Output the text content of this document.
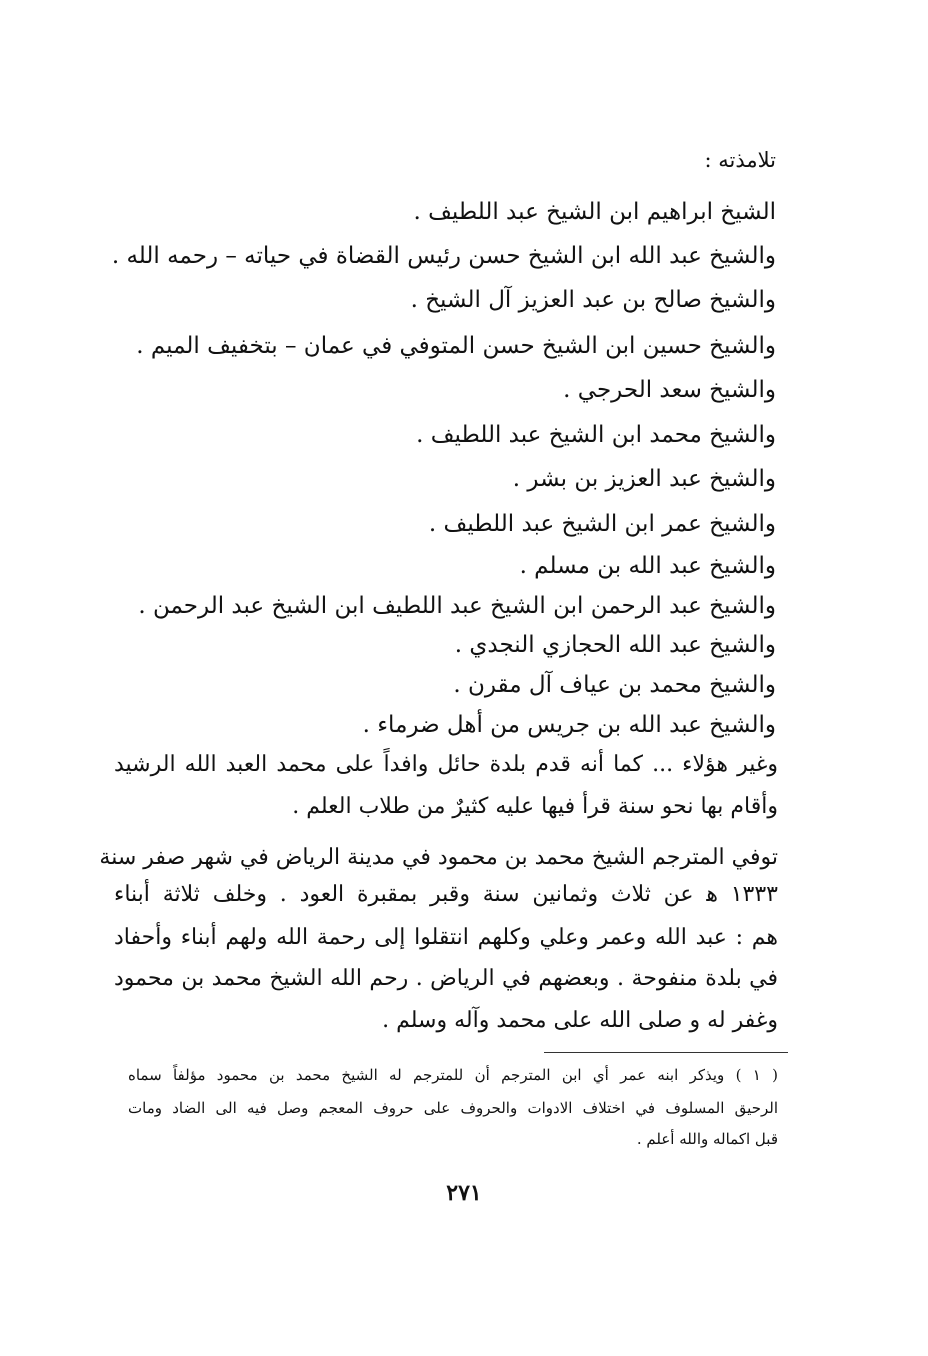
تلامذته :
الشيخ ابراهيم ابن الشيخ عبد اللطيف .
والشيخ عبد الله ابن الشيخ حسن رئيس القضاة في حياته – رحمه الله .
والشيخ صالح بن عبد العزيز آل الشيخ .
والشيخ حسين ابن الشيخ حسن المتوفي في عمان – بتخفيف الميم .
والشيخ سعد الحرجي .
والشيخ محمد ابن الشيخ عبد اللطيف .
والشيخ عبد العزيز بن بشر .
والشيخ عمر ابن الشيخ عبد اللطيف .
والشيخ عبد الله بن مسلم .
والشيخ عبد الرحمن ابن الشيخ عبد اللطيف ابن الشيخ عبد الرحمن .
والشيخ عبد الله الحجازي النجدي .
والشيخ محمد بن عياف آل مقرن .
والشيخ عبد الله بن جريس من أهل ضرماء .
وغير هؤلاء ... كما أنه قدم بلدة حائل وافداً على محمد العبد الله الرشيد
وأقام بها نحو سنة قرأ فيها عليه كثيرٌ من طلاب العلم .
توفي المترجم الشيخ محمد بن محمود في مدينة الرياض في شهر صفر سنة
١٣٣٣ ﻫ عن ثلاث وثمانين سنة وقبر بمقبرة العود . وخلف ثلاثة أبناء
هم : عبد الله وعمر وعلي وكلهم انتقلوا إلى رحمة الله ولهم أبناء وأحفاد
في بلدة منفوحة . وبعضهم في الرياض . رحم الله الشيخ محمد بن محمود
وغفر له و صلى الله على محمد وآله وسلم .
( ١ ) ويذكر ابنه عمر أي ابن المترجم أن للمترجم له الشيخ محمد بن محمود مؤلفاً سماه
الرحيق المسلوف في اختلاف الادوات والحروف على حروف المعجم وصل فيه الى الضاد ومات
قبل اكماله والله أعلم .
٢٧١
